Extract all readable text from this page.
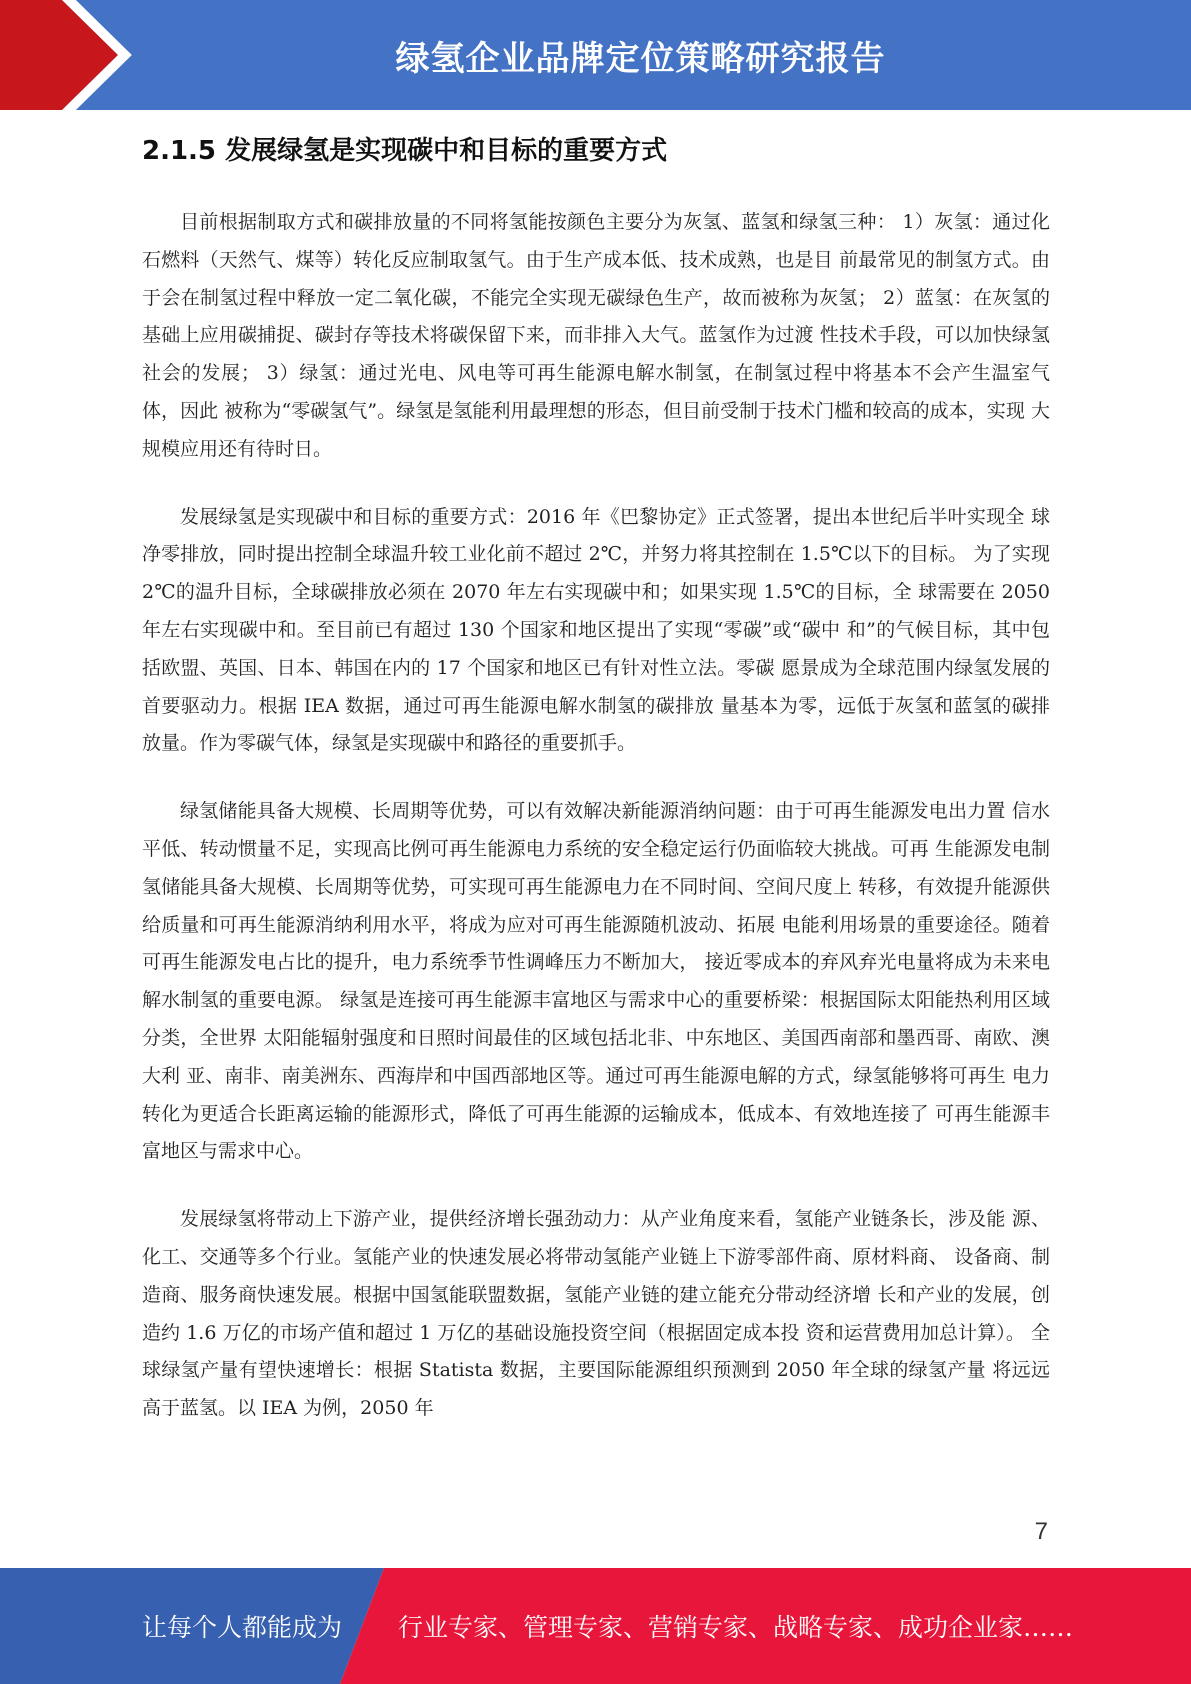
绿氢企业品牌定位策略研究报告
2.1.5 发展绿氢是实现碳中和目标的重要方式

目前根据制取方式和碳排放量的不同将氢能按颜色主要分为灰氢、蓝氢和绿氢三种： 1）灰氢：通过化石燃料（天然气、煤等）转化反应制取氢气。由于生产成本低、技术成熟，也是目 前最常见的制氢方式。由于会在制氢过程中释放一定二氧化碳，不能完全实现无碳绿色生产，故而被称为灰氢； 2）蓝氢：在灰氢的基础上应用碳捕捉、碳封存等技术将碳保留下来，而非排入大气。蓝氢作为过渡 性技术手段，可以加快绿氢社会的发展； 3）绿氢：通过光电、风电等可再生能源电解水制氢，在制氢过程中将基本不会产生温室气体，因此 被称为“零碳氢气”。绿氢是氢能利用最理想的形态，但目前受制于技术门槛和较高的成本，实现 大规模应用还有待时日。

发展绿氢是实现碳中和目标的重要方式：2016 年《巴黎协定》正式签署，提出本世纪后半叶实现全 球净零排放，同时提出控制全球温升较工业化前不超过 2℃，并努力将其控制在 1.5℃以下的目标。 为了实现 2℃的温升目标，全球碳排放必须在 2070 年左右实现碳中和；如果实现 1.5℃的目标，全 球需要在 2050 年左右实现碳中和。至目前已有超过 130 个国家和地区提出了实现“零碳”或“碳中 和”的气候目标，其中包括欧盟、英国、日本、韩国在内的 17 个国家和地区已有针对性立法。零碳 愿景成为全球范围内绿氢发展的首要驱动力。根据 IEA 数据，通过可再生能源电解水制氢的碳排放 量基本为零，远低于灰氢和蓝氢的碳排放量。作为零碳气体，绿氢是实现碳中和路径的重要抓手。

绿氢储能具备大规模、长周期等优势，可以有效解决新能源消纳问题：由于可再生能源发电出力置 信水平低、转动惯量不足，实现高比例可再生能源电力系统的安全稳定运行仍面临较大挑战。可再 生能源发电制氢储能具备大规模、长周期等优势，可实现可再生能源电力在不同时间、空间尺度上 转移，有效提升能源供给质量和可再生能源消纳利用水平，将成为应对可再生能源随机波动、拓展 电能利用场景的重要途径。随着可再生能源发电占比的提升，电力系统季节性调峰压力不断加大， 接近零成本的弃风弃光电量将成为未来电解水制氢的重要电源。 绿氢是连接可再生能源丰富地区与需求中心的重要桥梁：根据国际太阳能热利用区域分类，全世界 太阳能辐射强度和日照时间最佳的区域包括北非、中东地区、美国西南部和墨西哥、南欧、澳大利 亚、南非、南美洲东、西海岸和中国西部地区等。通过可再生能源电解的方式，绿氢能够将可再生 电力转化为更适合长距离运输的能源形式，降低了可再生能源的运输成本，低成本、有效地连接了 可再生能源丰富地区与需求中心。

发展绿氢将带动上下游产业，提供经济增长强劲动力：从产业角度来看，氢能产业链条长，涉及能 源、化工、交通等多个行业。氢能产业的快速发展必将带动氢能产业链上下游零部件商、原材料商、 设备商、制造商、服务商快速发展。根据中国氢能联盟数据，氢能产业链的建立能充分带动经济增 长和产业的发展，创造约 1.6 万亿的市场产值和超过 1 万亿的基础设施投资空间（根据固定成本投 资和运营费用加总计算）。 全球绿氢产量有望快速增长：根据 Statista 数据，主要国际能源组织预测到 2050 年全球的绿氢产量 将远远高于蓝氢。以 IEA 为例，2050 年

7
让每个人都能成为 行业专家、管理专家、营销专家、战略专家、成功企业家……
